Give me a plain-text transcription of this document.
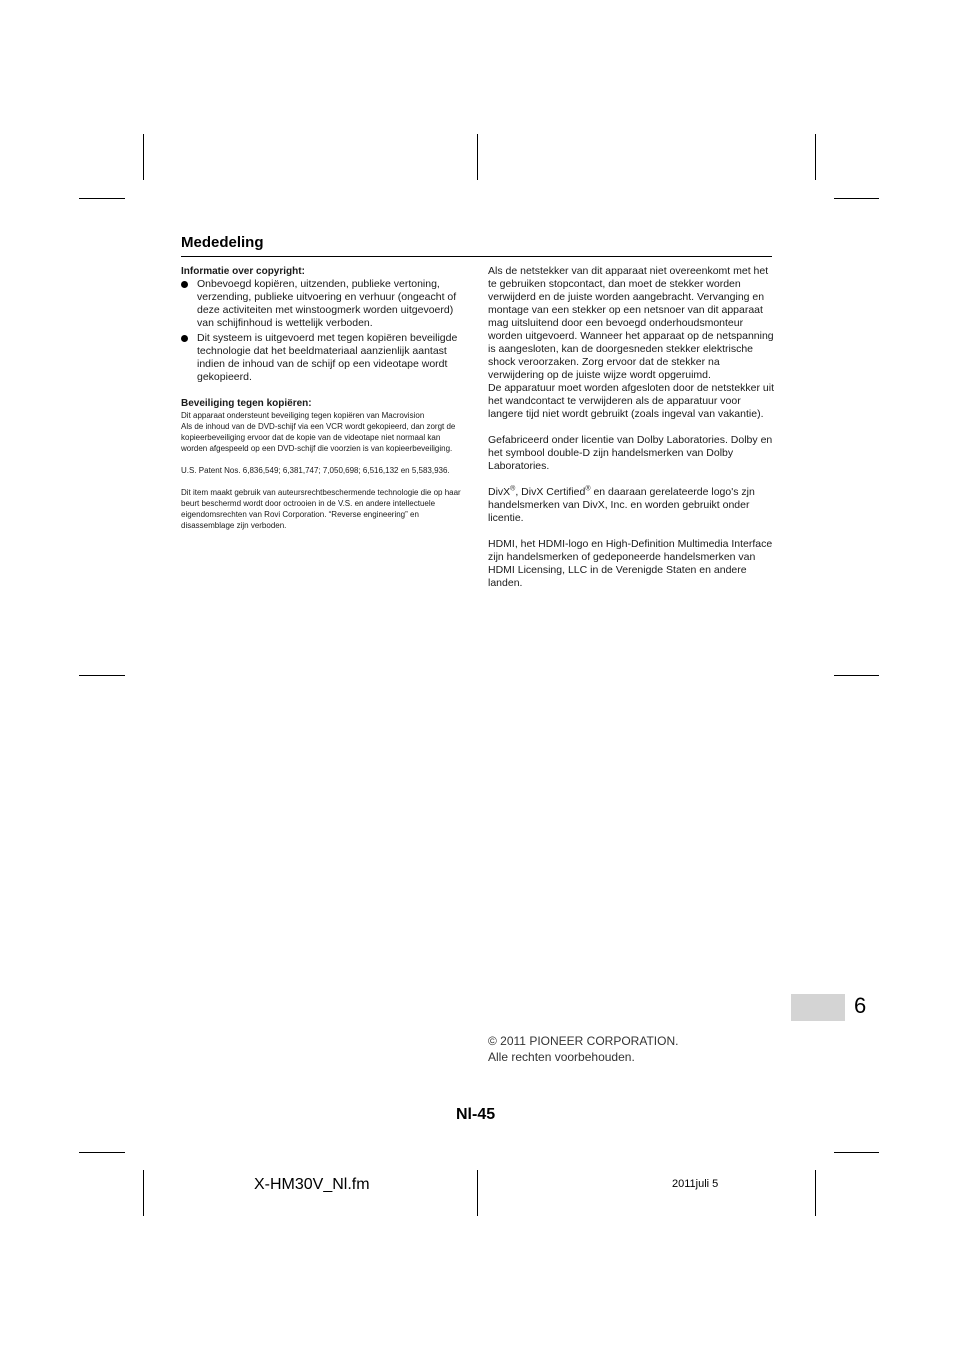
Mededeling

Informatie over copyright:

Onbevoegd kopiëren, uitzenden, publieke vertoning, verzending, publieke uitvoering en verhuur (ongeacht of deze activiteiten met winstoogmerk worden uitgevoerd) van schijfinhoud is wettelijk verboden.
Dit systeem is uitgevoerd met tegen kopiëren beveiligde technologie dat het beeldmateriaal aanzienlijk aantast indien de inhoud van de schijf op een videotape wordt gekopieerd.

Beveiliging tegen kopiëren:

Dit apparaat ondersteunt beveiliging tegen kopiëren van Macrovision

Als de inhoud van de DVD-schijf via een VCR wordt gekopieerd, dan zorgt de kopieerbeveiliging ervoor dat de kopie van de videotape niet normaal kan worden afgespeeld op een DVD-schijf die voorzien is van kopieerbeveiliging.

U.S. Patent Nos. 6,836,549; 6,381,747; 7,050,698; 6,516,132 en 5,583,936.

Dit item maakt gebruik van auteursrechtbeschermende technologie die op haar beurt beschermd wordt door octrooien in de V.S. en andere intellectuele eigendomsrechten van Rovi Corporation. “Reverse engineering” en disassemblage zijn verboden.

Als de netstekker van dit apparaat niet overeenkomt met het te gebruiken stopcontact, dan moet de stekker worden verwijderd en de juiste worden aangebracht. Vervanging en montage van een stekker op een netsnoer van dit apparaat mag uitsluitend door een bevoegd onderhoudsmonteur worden uitgevoerd. Wanneer het apparaat op de netspanning is aangesloten, kan de doorgesneden stekker elektrische shock veroorzaken. Zorg ervoor dat de stekker na verwijdering op de juiste wijze wordt opgeruimd.

De apparatuur moet worden afgesloten door de netstekker uit het wandcontact te verwijderen als de apparatuur voor langere tijd niet wordt gebruikt (zoals ingeval van vakantie).

Gefabriceerd onder licentie van Dolby Laboratories. Dolby en het symbool double-D zijn handelsmerken van Dolby Laboratories.

DivX®, DivX Certified® en daaraan gerelateerde logo's zjn handelsmerken van DivX, Inc. en worden gebruikt onder licentie.

HDMI, het HDMI-logo en High-Definition Multimedia Interface zijn handelsmerken of gedeponeerde handelsmerken van HDMI Licensing, LLC in de Verenigde Staten en andere landen.

6
© 2011 PIONEER CORPORATION.
Alle rechten voorbehouden.
Nl-45
X-HM30V_Nl.fm	2011juli 5
